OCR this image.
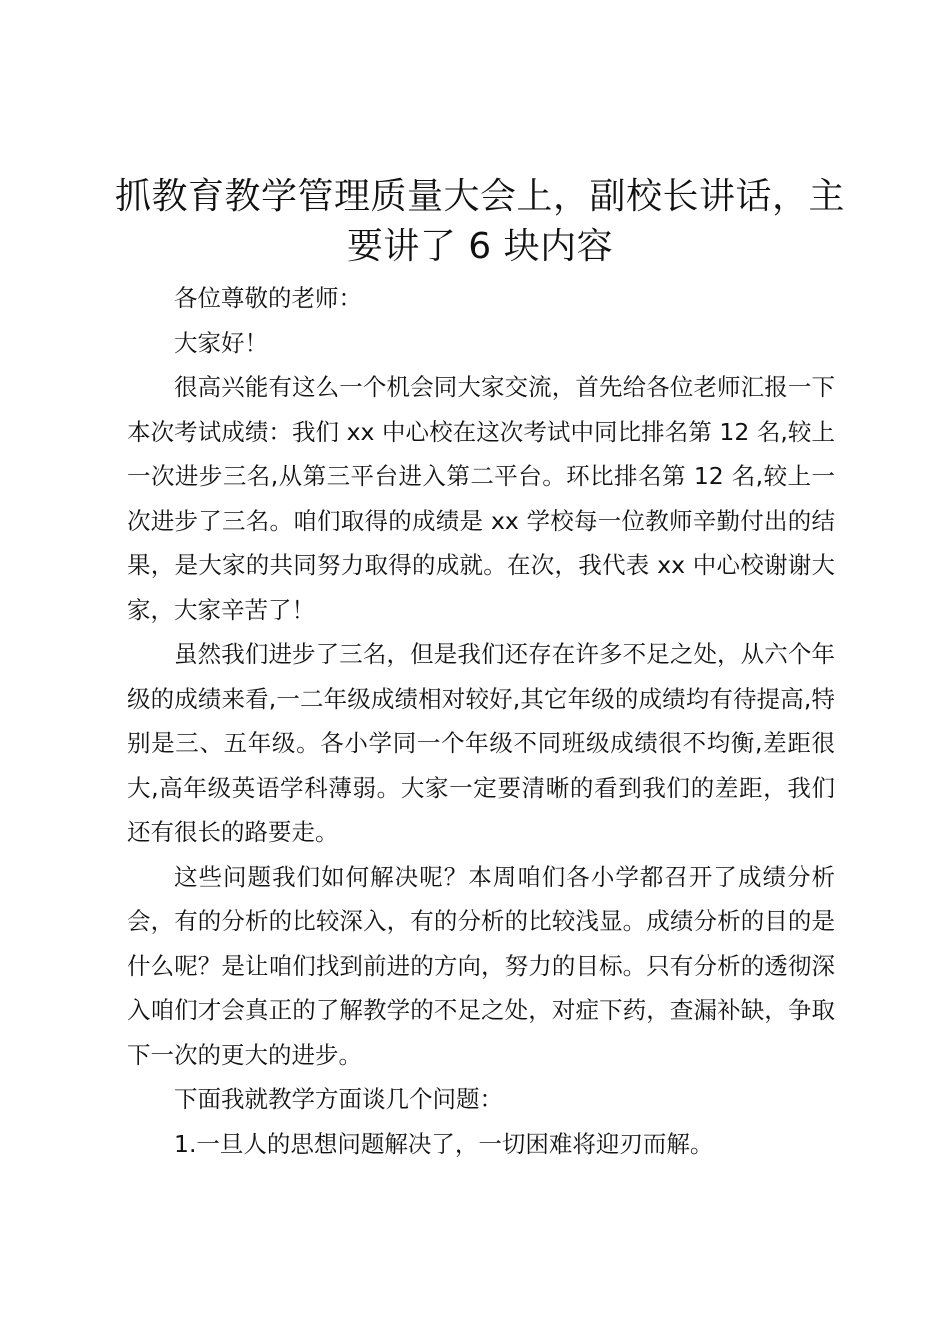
抓教育教学管理质量大会上，副校长讲话，主要讲了 6 块内容

各位尊敬的老师：

大家好！

很高兴能有这么一个机会同大家交流，首先给各位老师汇报一下本次考试成绩：我们 xx 中心校在这次考试中同比排名第 12 名,较上一次进步三名,从第三平台进入第二平台。环比排名第 12 名,较上一次进步了三名。咱们取得的成绩是 xx 学校每一位教师辛勤付出的结果，是大家的共同努力取得的成就。在次，我代表 xx 中心校谢谢大家，大家辛苦了！

虽然我们进步了三名，但是我们还存在许多不足之处，从六个年级的成绩来看,一二年级成绩相对较好,其它年级的成绩均有待提高,特别是三、五年级。各小学同一个年级不同班级成绩很不均衡,差距很大,高年级英语学科薄弱。大家一定要清晰的看到我们的差距，我们还有很长的路要走。

这些问题我们如何解决呢？本周咱们各小学都召开了成绩分析会，有的分析的比较深入，有的分析的比较浅显。成绩分析的目的是什么呢？是让咱们找到前进的方向，努力的目标。只有分析的透彻深入咱们才会真正的了解教学的不足之处，对症下药，查漏补缺，争取下一次的更大的进步。

下面我就教学方面谈几个问题：

1.一旦人的思想问题解决了，一切困难将迎刃而解。
